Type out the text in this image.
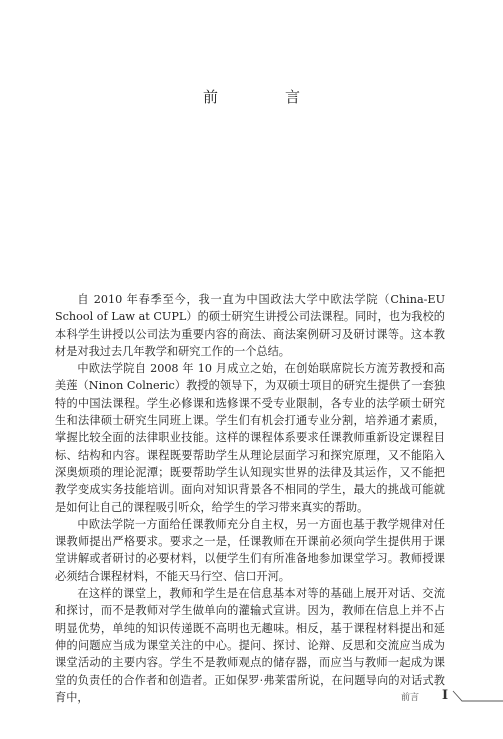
前　言

自 2010 年春季至今，我一直为中国政法大学中欧法学院（China-EU School of Law at CUPL）的硕士研究生讲授公司法课程。同时，也为我校的本科学生讲授以公司法为重要内容的商法、商法案例研习及研讨课等。这本教材是对我过去几年教学和研究工作的一个总结。

中欧法学院自 2008 年 10 月成立之始，在创始联席院长方流芳教授和高美莲（Ninon Colneric）教授的领导下，为双硕士项目的研究生提供了一套独特的中国法课程。学生必修课和选修课不受专业限制，各专业的法学硕士研究生和法律硕士研究生同班上课。学生们有机会打通专业分割，培养通才素质，掌握比较全面的法律职业技能。这样的课程体系要求任课教师重新设定课程目标、结构和内容。课程既要帮助学生从理论层面学习和探究原理，又不能陷入深奥烦琐的理论泥潭；既要帮助学生认知现实世界的法律及其运作，又不能把教学变成实务技能培训。面向对知识背景各不相同的学生，最大的挑战可能就是如何让自己的课程吸引听众，给学生的学习带来真实的帮助。

中欧法学院一方面给任课教师充分自主权，另一方面也基于教学规律对任课教师提出严格要求。要求之一是，任课教师在开课前必须向学生提供用于课堂讲解或者研讨的必要材料，以便学生们有所准备地参加课堂学习。教师授课必须结合课程材料，不能天马行空、信口开河。

在这样的课堂上，教师和学生是在信息基本对等的基础上展开对话、交流和探讨，而不是教师对学生做单向的灌输式宣讲。因为，教师在信息上并不占明显优势，单纯的知识传递既不高明也无趣味。相反，基于课程材料提出和延伸的问题应当成为课堂关注的中心。提问、探讨、论辩、反思和交流应当成为课堂活动的主要内容。学生不是教师观点的储存器，而应当与教师一起成为课堂的负责任的合作者和创造者。正如保罗·弗莱雷所说，在问题导向的对话式教育中，	前言 I
